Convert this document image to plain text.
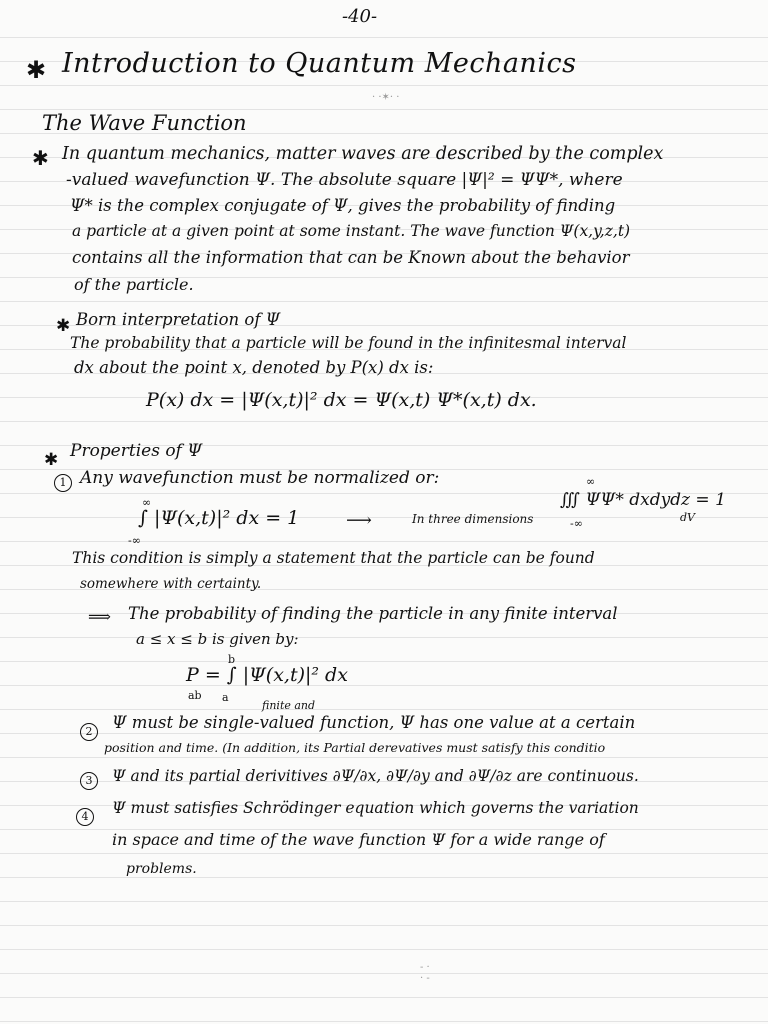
-40-
✱ Introduction to Quantum Mechanics
· ·✶· ·
The Wave Function
✱ In quantum mechanics, matter waves are described by the complex
-valued wavefunction Ψ. The absolute square |Ψ|² = ΨΨ*, where
Ψ* is the complex conjugate of Ψ, gives the probability of finding
a particle at a given point at some instant. The wave function Ψ(x,y,z,t)
contains all the information that can be Known about the behavior
of the particle.
✱ Born interpretation of Ψ
The probability that a particle will be found in the infinitesmal interval
dx about the point x, denoted by P(x) dx is:
P(x) dx = |Ψ(x,t)|² dx = Ψ(x,t) Ψ*(x,t) dx.
✱ Properties of Ψ
1 Any wavefunction must be normalized or:
∞
∫ |Ψ(x,t)|² dx = 1
-∞
⟶	In three dimensions
∞
∭ ΨΨ* dxdydz = 1
-∞	dV
This condition is simply a statement that the particle can be found
somewhere with certainty.
⟹ The probability of finding the particle in any finite interval
a ≤ x ≤ b is given by:
b
P = ∫ |Ψ(x,t)|² dx
ab a
finite and
2	Ψ must be single-valued function, Ψ has one value at a certain
position and time. (In addition, its Partial derevatives must satisfy this conditio
3	Ψ and its partial derivitives ∂Ψ/∂x, ∂Ψ/∂y and ∂Ψ/∂z are continuous.
4	Ψ must satisfies Schrödinger equation which governs the variation
in space and time of the wave function Ψ for a wide range of
problems.
- ·
· -
